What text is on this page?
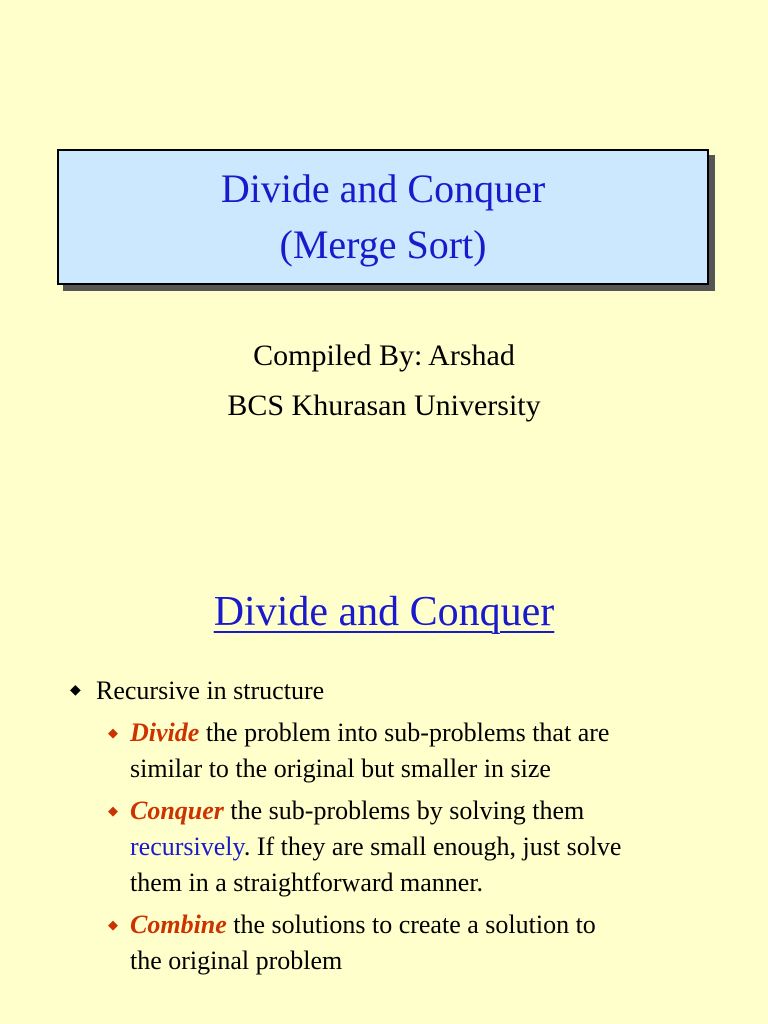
Divide and Conquer
(Merge Sort)
Compiled By: Arshad
BCS Khurasan University
Divide and Conquer
◆ Recursive in structure
◆ Divide the problem into sub-problems that are
similar to the original but smaller in size
◆ Conquer the sub-problems by solving them
recursively. If they are small enough, just solve
them in a straightforward manner.
◆ Combine the solutions to create a solution to
the original problem
